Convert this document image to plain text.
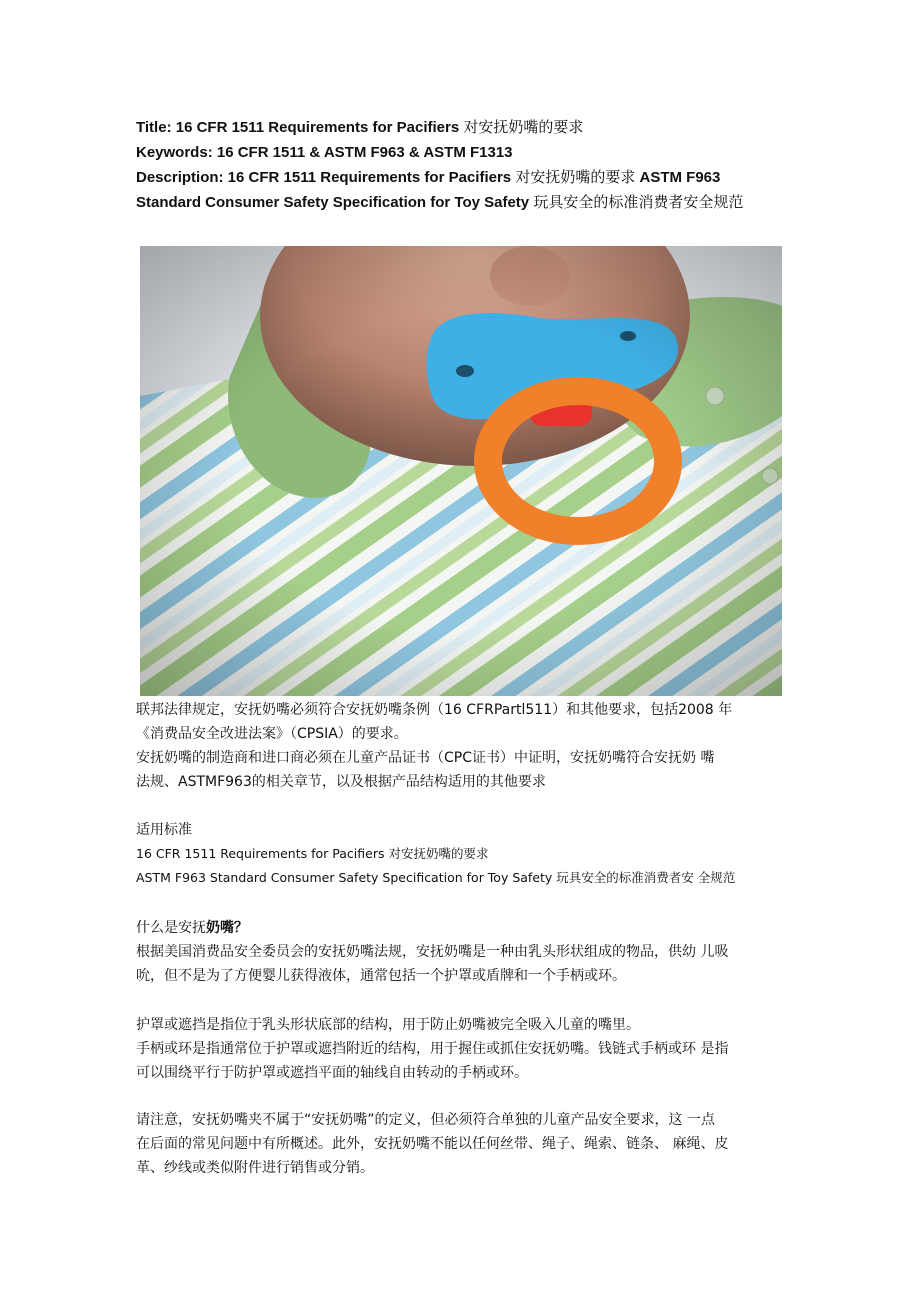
Title: 16 CFR 1511 Requirements for Pacifiers 对安抚奶嘴的要求

Keywords: 16 CFR 1511 & ASTM F963 & ASTM F1313

Description: 16 CFR 1511 Requirements for Pacifiers 对安抚奶嘴的要求 ASTM F963

Standard Consumer Safety Specification for Toy Safety 玩具安全的标准消费者安全规范

联邦法律规定，安抚奶嘴必须符合安抚奶嘴条例（16 CFRPartl511）和其他要求，包括2008 年

《消费品安全改进法案》（CPSIA）的要求。

安抚奶嘴的制造商和进口商必须在儿童产品证书（CPC证书）中证明，安抚奶嘴符合安抚奶 嘴

法规、ASTMF963的相关章节，以及根据产品结构适用的其他要求

适用标准

16 CFR 1511 Requirements for Pacifiers 对安抚奶嘴的要求

ASTM F963 Standard Consumer Safety Specification for Toy Safety 玩具安全的标准消费者安 全规范

什么是安抚奶嘴？

根据美国消费品安全委员会的安抚奶嘴法规，安抚奶嘴是一种由乳头形状组成的物品，供幼 儿吸

吮，但不是为了方便婴儿获得液体，通常包括一个护罩或盾牌和一个手柄或环。

护罩或遮挡是指位于乳头形状底部的结构，用于防止奶嘴被完全吸入儿童的嘴里。

手柄或环是指通常位于护罩或遮挡附近的结构，用于握住或抓住安抚奶嘴。钱链式手柄或环 是指

可以围绕平行于防护罩或遮挡平面的轴线自由转动的手柄或环。

请注意，安抚奶嘴夹不属于“安抚奶嘴”的定义，但必须符合单独的儿童产品安全要求，这 一点

在后面的常见问题中有所概述。此外，安抚奶嘴不能以任何丝带、绳子、绳索、链条、 麻绳、皮

革、纱线或类似附件进行销售或分销。
